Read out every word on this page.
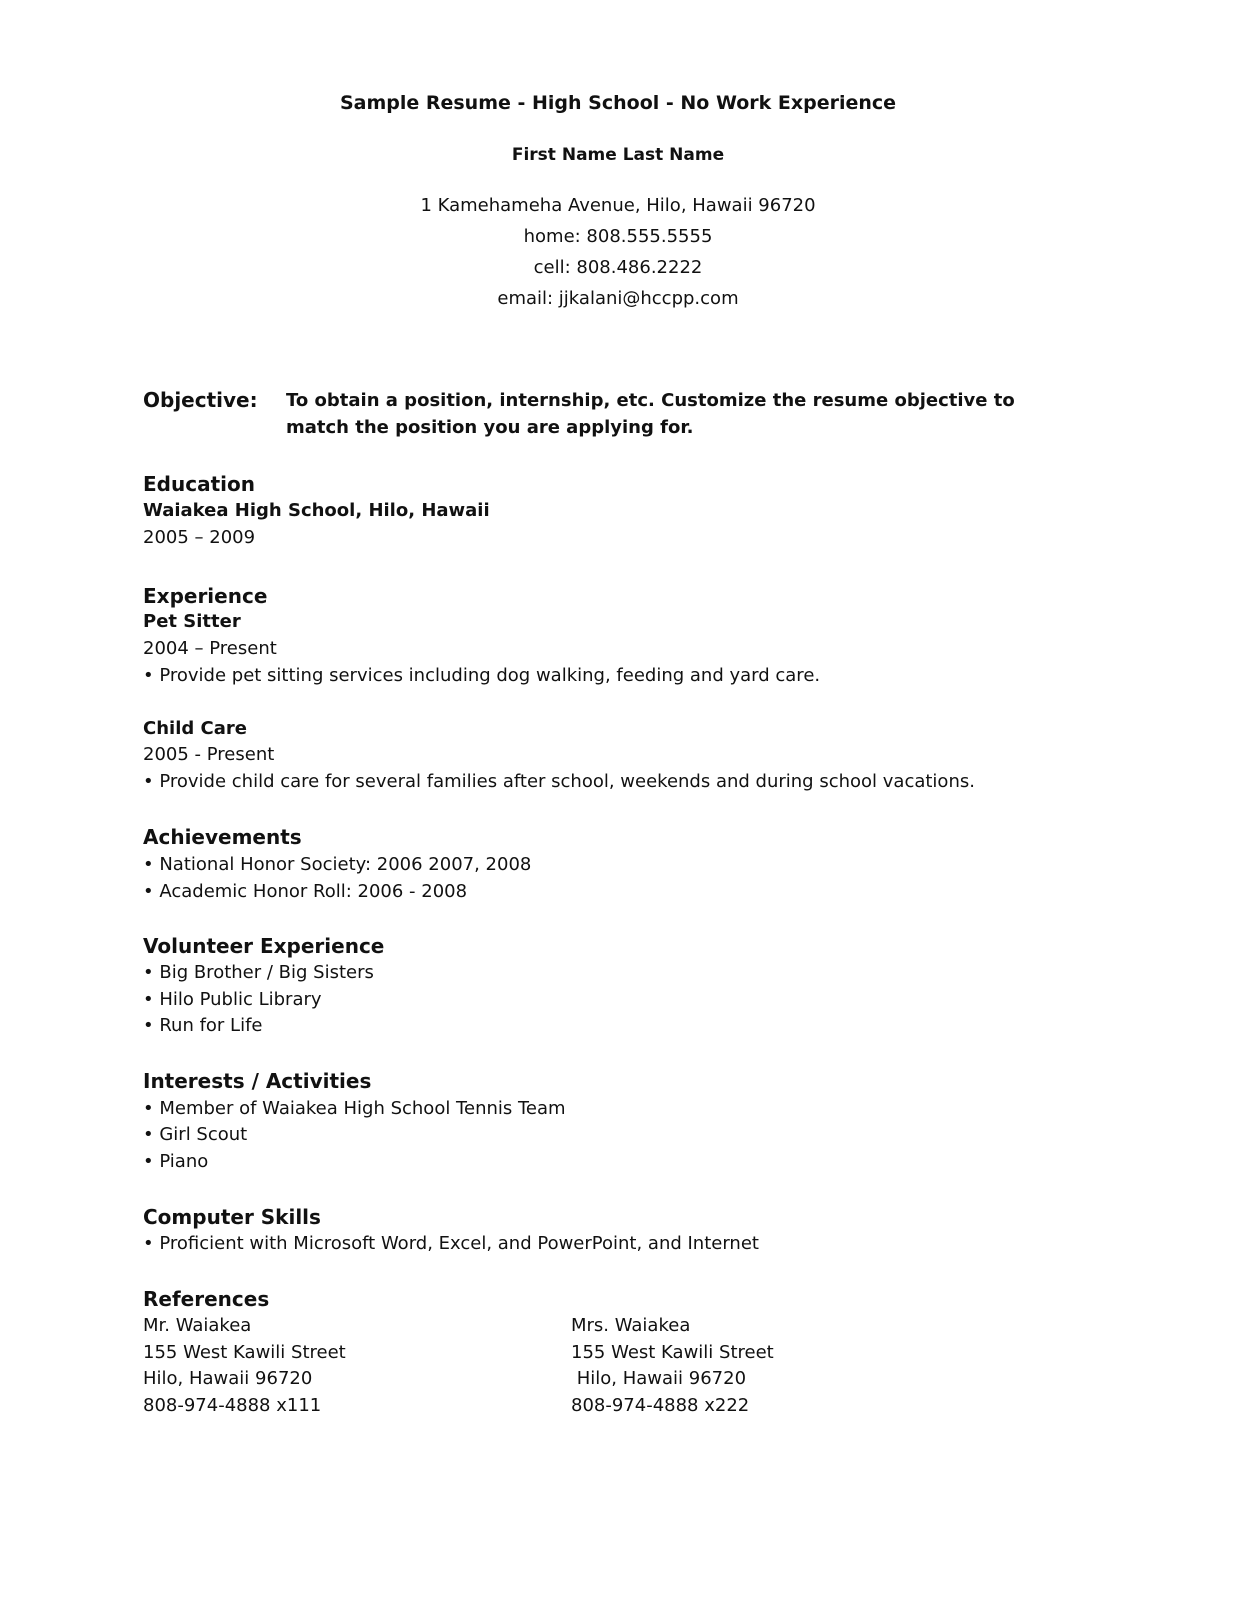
Sample Resume - High School - No Work Experience
First Name Last Name
1 Kamehameha Avenue, Hilo, Hawaii 96720
home: 808.555.5555
cell: 808.486.2222
email: jjkalani@hccpp.com
Objective: To obtain a position, internship, etc. Customize the resume objective to match the position you are applying for.
Education
Waiakea High School, Hilo, Hawaii
2005 – 2009
Experience
Pet Sitter
2004 – Present
• Provide pet sitting services including dog walking, feeding and yard care.
Child Care
2005 - Present
• Provide child care for several families after school, weekends and during school vacations.
Achievements
• National Honor Society: 2006 2007, 2008
• Academic Honor Roll: 2006 - 2008
Volunteer Experience
• Big Brother / Big Sisters
• Hilo Public Library
• Run for Life
Interests / Activities
• Member of Waiakea High School Tennis Team
• Girl Scout
• Piano
Computer Skills
• Proficient with Microsoft Word, Excel, and PowerPoint, and Internet
References
Mr. Waiakea
155 West Kawili Street
Hilo, Hawaii 96720
808-974-4888 x111
Mrs. Waiakea
155 West Kawili Street
Hilo, Hawaii 96720
808-974-4888 x222
